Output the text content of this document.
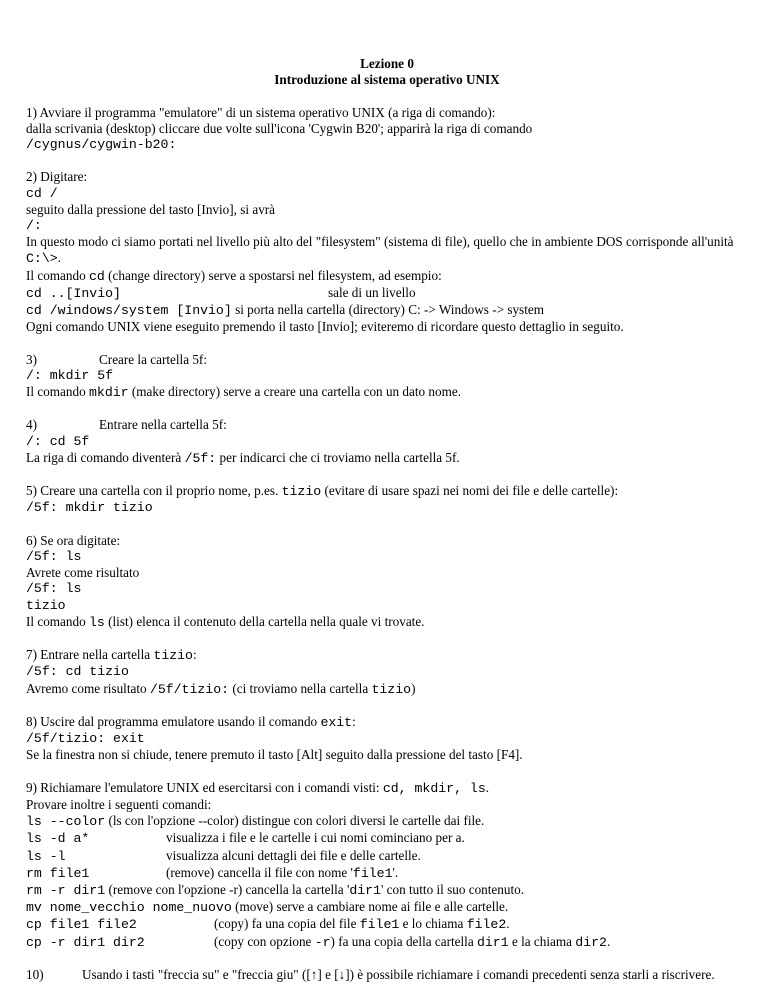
Lezione 0
Introduzione al sistema operativo UNIX
1) Avviare il programma "emulatore" di un sistema operativo UNIX (a riga di comando):
dalla scrivania (desktop) cliccare due volte sull'icona 'Cygwin B20'; apparirà la riga di comando
/cygnus/cygwin-b20:
2) Digitare:
cd /
seguito dalla pressione del tasto [Invio], si avrà
/:
In questo modo ci siamo portati nel livello più alto del "filesystem" (sistema di file), quello che in ambiente DOS corrisponde all'unità C:\>.
Il comando cd (change directory) serve a spostarsi nel filesystem, ad esempio:
cd ..[Invio]	sale di un livello
cd /windows/system [Invio] si porta nella cartella (directory) C: -> Windows -> system
Ogni comando UNIX viene eseguito premendo il tasto [Invio]; eviteremo di ricordare questo dettaglio in seguito.
3)	Creare la cartella 5f:
/: mkdir 5f
Il comando mkdir (make directory) serve a creare una cartella con un dato nome.
4)	Entrare nella cartella 5f:
/: cd 5f
La riga di comando diventerà /5f: per indicarci che ci troviamo nella cartella 5f.
5) Creare una cartella con il proprio nome, p.es. tizio (evitare di usare spazi nei nomi dei file e delle cartelle):
/5f: mkdir tizio
6) Se ora digitate:
/5f: ls
Avrete come risultato
/5f: ls
tizio
Il comando ls (list) elenca il contenuto della cartella nella quale vi trovate.
7) Entrare nella cartella tizio:
/5f: cd tizio
Avremo come risultato /5f/tizio: (ci troviamo nella cartella tizio)
8) Uscire dal programma emulatore usando il comando exit:
/5f/tizio: exit
Se la finestra non si chiude, tenere premuto il tasto [Alt] seguito dalla pressione del tasto [F4].
9) Richiamare l'emulatore UNIX ed esercitarsi con i comandi visti: cd, mkdir, ls.
Provare inoltre i seguenti comandi:
ls --color (ls con l'opzione --color) distingue con colori diversi le cartelle dai file.
ls -d a*	visualizza i file e le cartelle i cui nomi cominciano per a.
ls -l	visualizza alcuni dettagli dei file e delle cartelle.
rm file1	(remove) cancella il file con nome 'file1'.
rm -r dir1 (remove con l'opzione -r) cancella la cartella 'dir1' con tutto il suo contenuto.
mv nome_vecchio nome_nuovo (move) serve a cambiare nome ai file e alle cartelle.
cp file1 file2	(copy) fa una copia del file file1 e lo chiama file2.
cp -r dir1 dir2	(copy con opzione -r) fa una copia della cartella dir1 e la chiama dir2.
10)	Usando i tasti "freccia su" e "freccia giu" ([↑] e [↓]) è possibile richiamare i comandi precedenti senza starli a riscrivere.
